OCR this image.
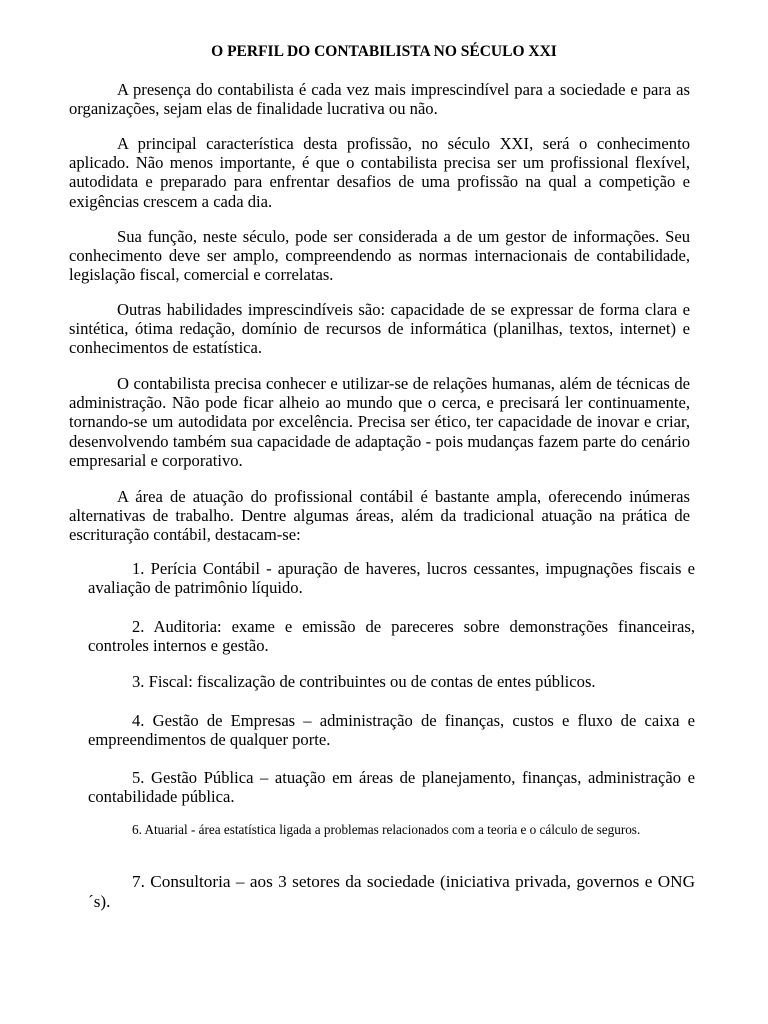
O PERFIL DO CONTABILISTA NO SÉCULO XXI
A presença do contabilista é cada vez mais imprescindível para a sociedade e para as organizações, sejam elas de finalidade lucrativa ou não.
A principal característica desta profissão, no século XXI, será o conhecimento aplicado. Não menos importante, é que o contabilista precisa ser um profissional flexível, autodidata e preparado para enfrentar desafios de uma profissão na qual a competição e exigências crescem a cada dia.
Sua função, neste século, pode ser considerada a de um gestor de informações. Seu conhecimento deve ser amplo, compreendendo as normas internacionais de contabilidade, legislação fiscal, comercial e correlatas.
Outras habilidades imprescindíveis são: capacidade de se expressar de forma clara e sintética, ótima redação, domínio de recursos de informática (planilhas, textos, internet) e conhecimentos de estatística.
O contabilista precisa conhecer e utilizar-se de relações humanas, além de técnicas de administração. Não pode ficar alheio ao mundo que o cerca, e precisará ler continuamente, tornando-se um autodidata por excelência. Precisa ser ético, ter capacidade de inovar e criar, desenvolvendo também sua capacidade de adaptação - pois mudanças fazem parte do cenário empresarial e corporativo.
A área de atuação do profissional contábil é bastante ampla, oferecendo inúmeras alternativas de trabalho. Dentre algumas áreas, além da tradicional atuação na prática de escrituração contábil, destacam-se:
1. Perícia Contábil - apuração de haveres, lucros cessantes, impugnações fiscais e avaliação de patrimônio líquido.
2. Auditoria: exame e emissão de pareceres sobre demonstrações financeiras, controles internos e gestão.
3. Fiscal: fiscalização de contribuintes ou de contas de entes públicos.
4. Gestão de Empresas – administração de finanças, custos e fluxo de caixa e empreendimentos de qualquer porte.
5. Gestão Pública – atuação em áreas de planejamento, finanças, administração e contabilidade pública.
6. Atuarial - área estatística ligada a problemas relacionados com a teoria e o cálculo de seguros.
7. Consultoria – aos 3 setores da sociedade (iniciativa privada, governos e ONG´s).
